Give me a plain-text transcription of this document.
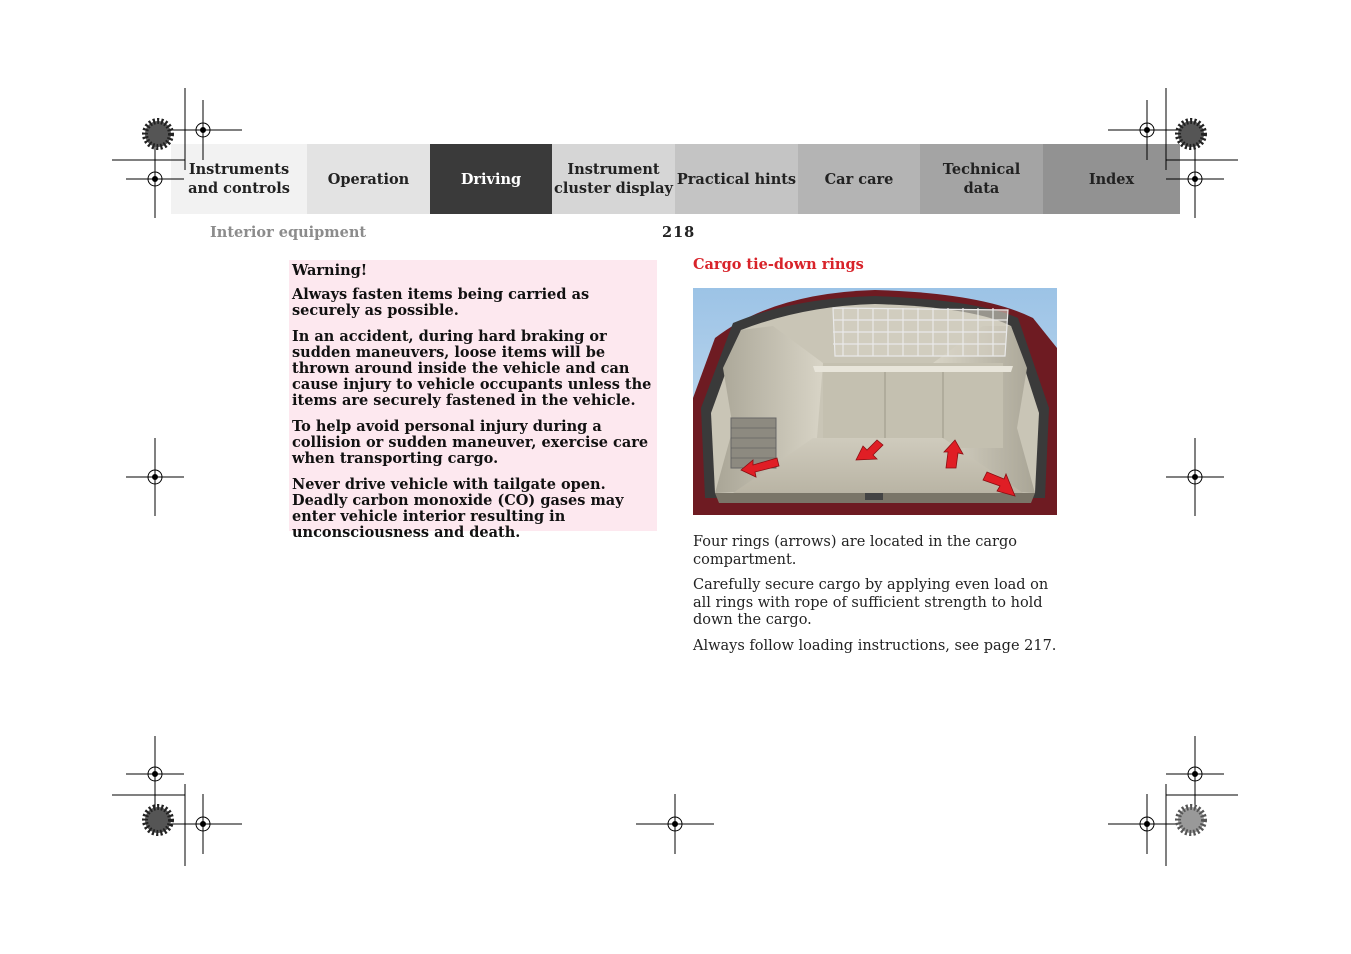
Instruments
and controls
Operation	Driving
Instrument
cluster display
Practical hints Car care
Technical
data
Index
Interior equipment	218

Warning!

Always fasten items being carried as securely as possible.

In an accident, during hard braking or sudden maneuvers, loose items will be thrown around inside the vehicle and can cause injury to vehicle occupants unless the items are securely fastened in the vehicle.

To help avoid personal injury during a collision or sudden maneuver, exercise care when transporting cargo.

Never drive vehicle with tailgate open. Deadly carbon monoxide (CO) gases may enter vehicle interior resulting in unconsciousness and death.

Cargo tie-down rings

Four rings (arrows) are located in the cargo compartment.

Carefully secure cargo by applying even load on all rings with rope of sufficient strength to hold down the cargo.

Always follow loading instructions, see page 217.
